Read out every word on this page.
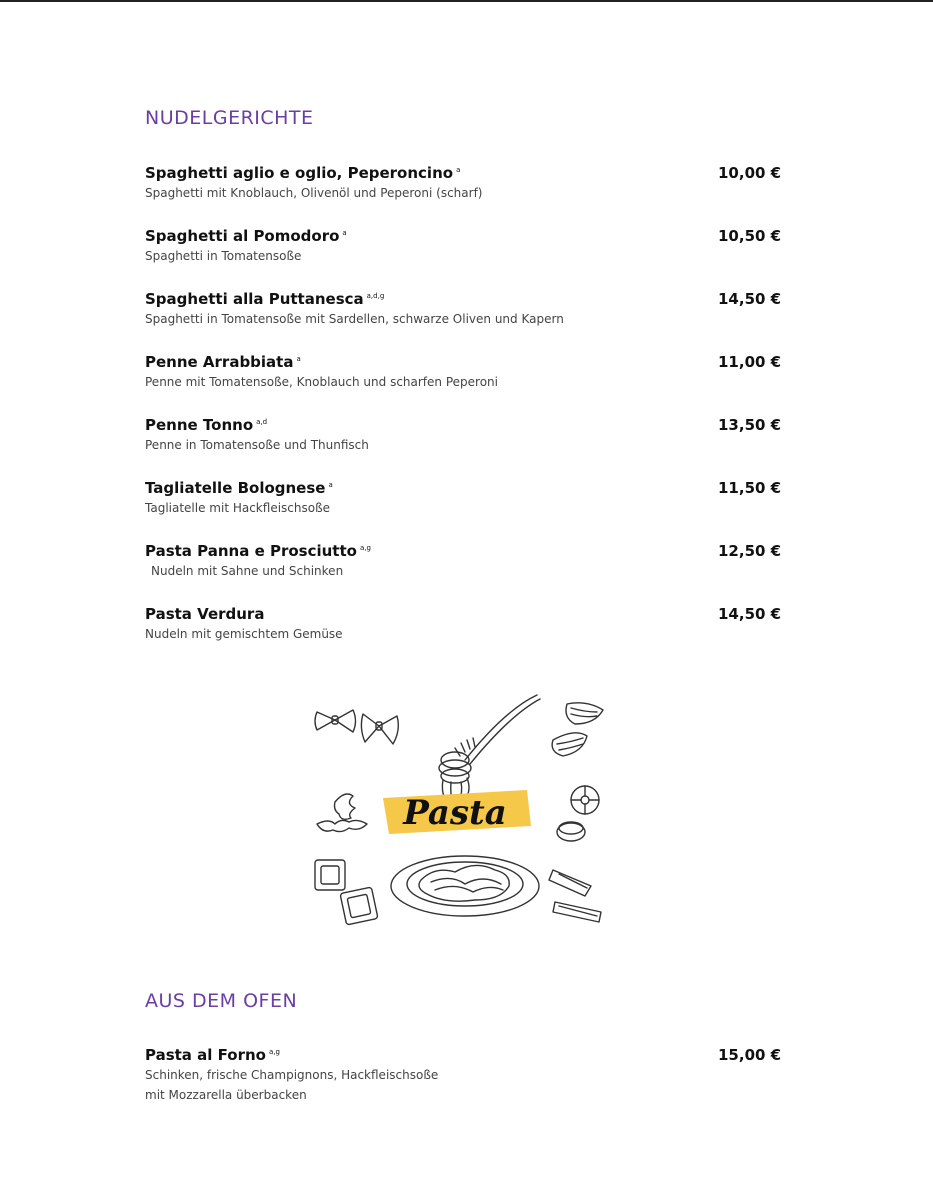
NUDELGERICHTE
Spaghetti aglio e oglio, Peperoncino $^a$
Spaghetti mit Knoblauch, Olivenöl und Peperoni (scharf)
10,00 €
Spaghetti al Pomodoro $^a$
Spaghetti in Tomatensoße
10,50 €
Spaghetti alla Puttanesca $^{a,d,g}$
Spaghetti in Tomatensoße mit Sardellen, schwarze Oliven und Kapern
14,50 €
Penne Arrabbiata $^a$
Penne mit Tomatensoße, Knoblauch und scharfen Peperoni
11,00 €
Penne Tonno $^{a,d}$
Penne in Tomatensoße und Thunfisch
13,50 €
Tagliatelle Bolognese $^a$
Tagliatelle mit Hackfleischsoße
11,50 €
Pasta Panna e Prosciutto $^{a,g}$
Nudeln mit Sahne und Schinken
12,50 €
Pasta Verdura
Nudeln mit gemischtem Gemüse
14,50 €
Pasta
AUS DEM OFEN
Pasta al Forno $^{a,g}$
Schinken, frische Champignons, Hackfleischsoße
mit Mozzarella überbacken
15,00 €
